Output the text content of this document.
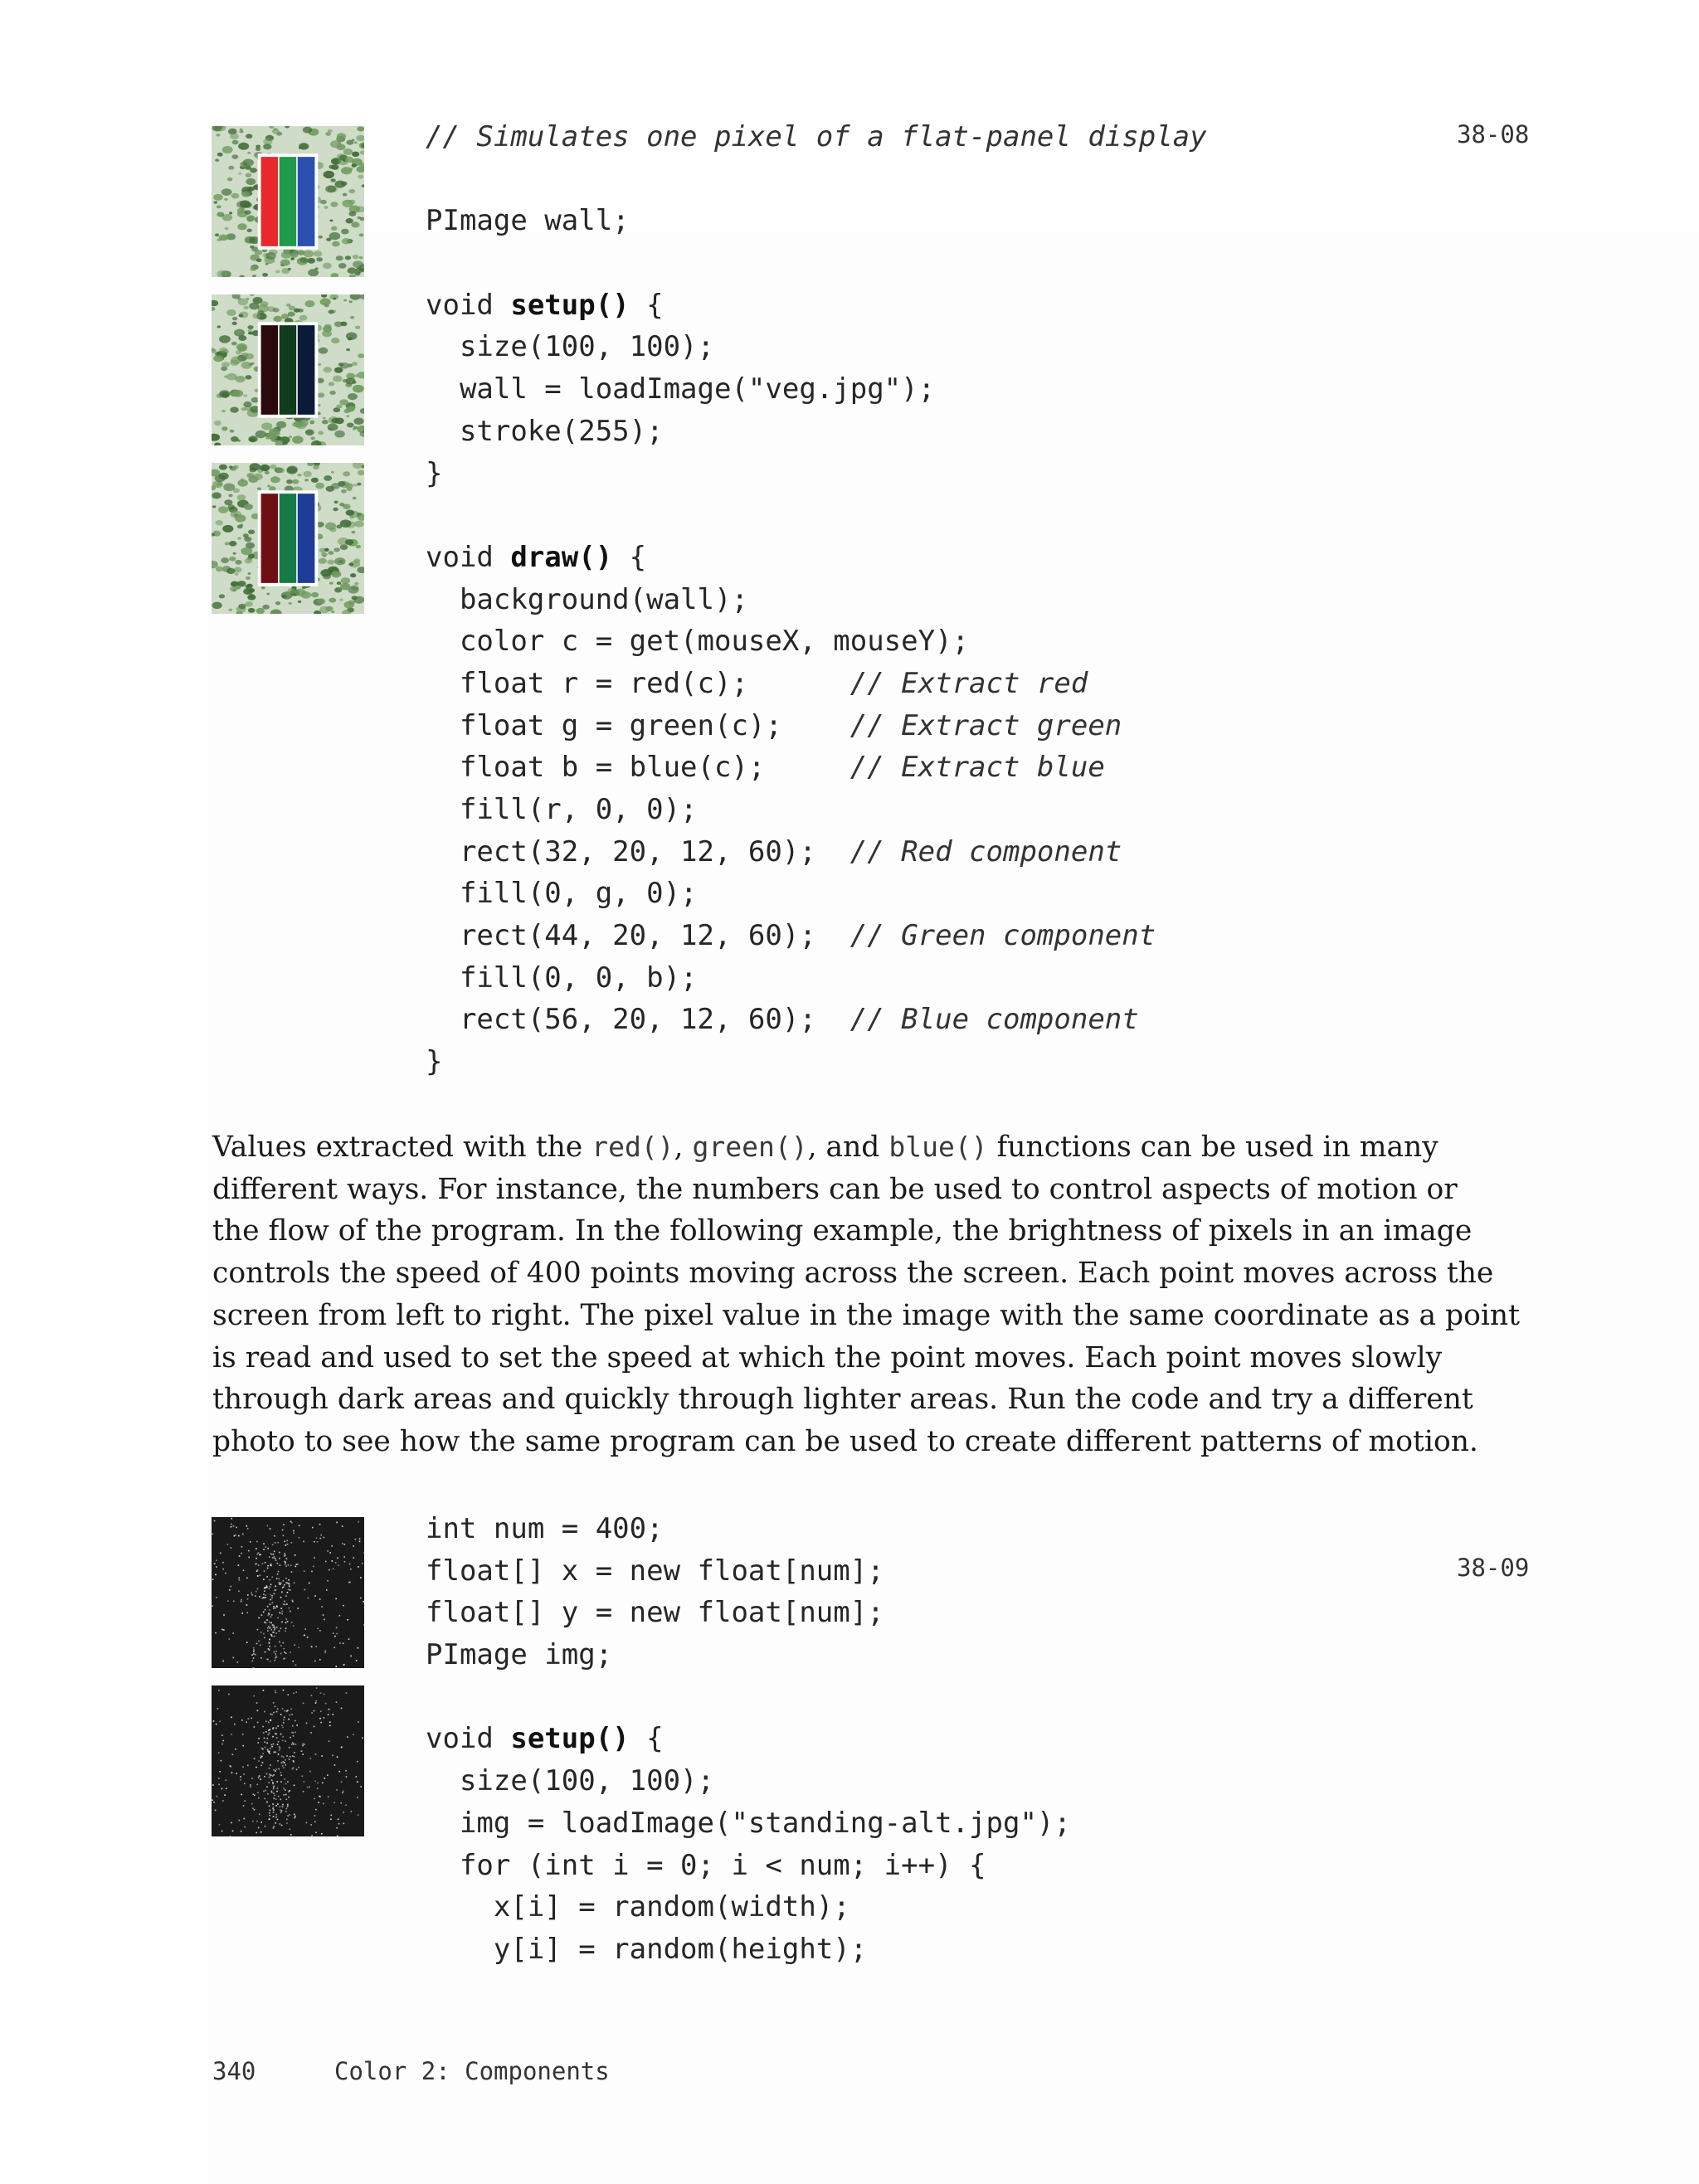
// Simulates one pixel of a flat-panel display

PImage wall;

void setup() {
size(100, 100);
wall = loadImage("veg.jpg");
stroke(255);
}

void draw() {
background(wall);
color c = get(mouseX, mouseY);
float r = red(c);      // Extract red
float g = green(c);    // Extract green
float b = blue(c);     // Extract blue
fill(r, 0, 0);
rect(32, 20, 12, 60);  // Red component
fill(0, g, 0);
rect(44, 20, 12, 60);  // Green component
fill(0, 0, b);
rect(56, 20, 12, 60);  // Blue component
}
38-08
Values extracted with the red(), green(), and blue() functions can be used in many
different ways. For instance, the numbers can be used to control aspects of motion or
the flow of the program. In the following example, the brightness of pixels in an image
controls the speed of 400 points moving across the screen. Each point moves across the
screen from left to right. The pixel value in the image with the same coordinate as a point
is read and used to set the speed at which the point moves. Each point moves slowly
through dark areas and quickly through lighter areas. Run the code and try a different
photo to see how the same program can be used to create different patterns of motion.
int num = 400;
float[] x = new float[num];
float[] y = new float[num];
PImage img;

void setup() {
size(100, 100);
img = loadImage("standing-alt.jpg");
for (int i = 0; i < num; i++) {
x[i] = random(width);
y[i] = random(height);
38-09
340	Color 2: Components
